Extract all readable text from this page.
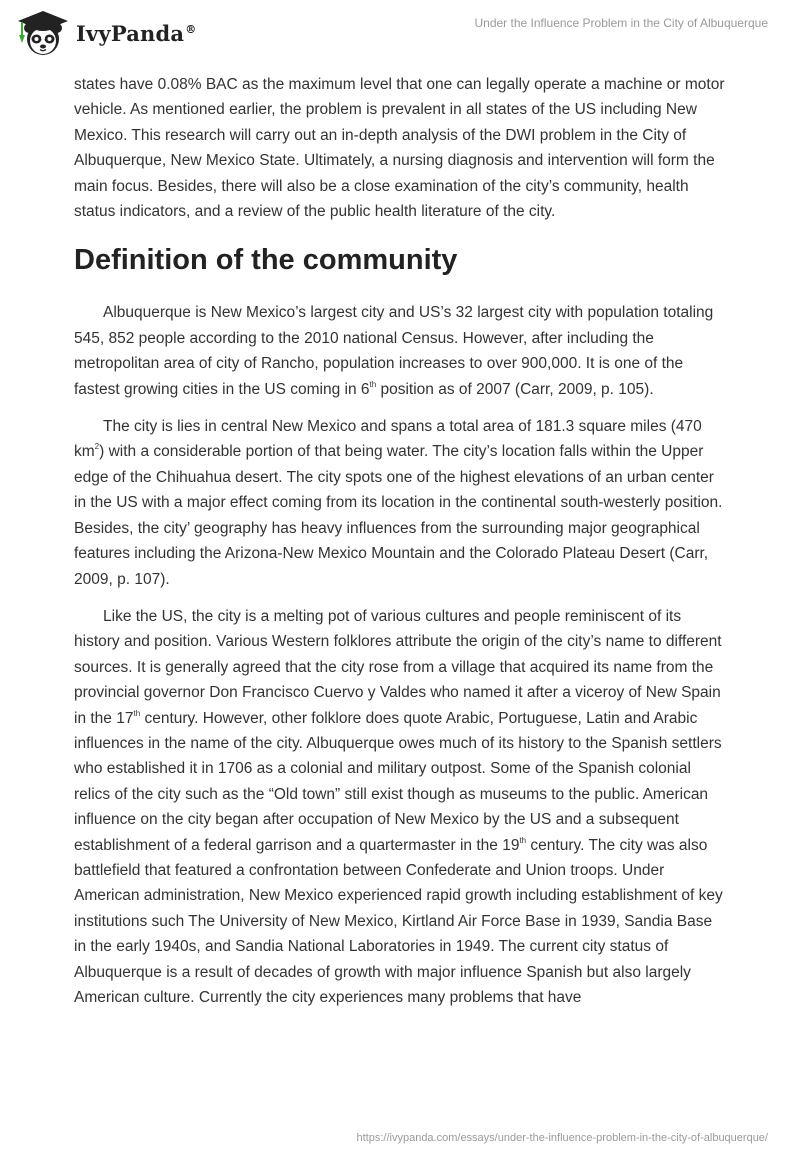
IvyPanda®	Under the Influence Problem in the City of Albuquerque

states have 0.08% BAC as the maximum level that one can legally operate a machine or motor vehicle. As mentioned earlier, the problem is prevalent in all states of the US including New Mexico. This research will carry out an in-depth analysis of the DWI problem in the City of Albuquerque, New Mexico State. Ultimately, a nursing diagnosis and intervention will form the main focus. Besides, there will also be a close examination of the city’s community, health status indicators, and a review of the public health literature of the city.

Definition of the community

Albuquerque is New Mexico’s largest city and US’s 32 largest city with population totaling 545, 852 people according to the 2010 national Census. However, after including the metropolitan area of city of Rancho, population increases to over 900,000. It is one of the fastest growing cities in the US coming in 6th position as of 2007 (Carr, 2009, p. 105).

The city is lies in central New Mexico and spans a total area of 181.3 square miles (470 $km^2$) with a considerable portion of that being water. The city’s location falls within the Upper edge of the Chihuahua desert. The city spots one of the highest elevations of an urban center in the US with a major effect coming from its location in the continental south-westerly position. Besides, the city’ geography has heavy influences from the surrounding major geographical features including the Arizona-New Mexico Mountain and the Colorado Plateau Desert (Carr, 2009, p. 107).

Like the US, the city is a melting pot of various cultures and people reminiscent of its history and position. Various Western folklores attribute the origin of the city’s name to different sources. It is generally agreed that the city rose from a village that acquired its name from the provincial governor Don Francisco Cuervo y Valdes who named it after a viceroy of New Spain in the 17th century. However, other folklore does quote Arabic, Portuguese, Latin and Arabic influences in the name of the city. Albuquerque owes much of its history to the Spanish settlers who established it in 1706 as a colonial and military outpost. Some of the Spanish colonial relics of the city such as the “Old town” still exist though as museums to the public. American influence on the city began after occupation of New Mexico by the US and a subsequent establishment of a federal garrison and a quartermaster in the 19th century. The city was also battlefield that featured a confrontation between Confederate and Union troops. Under American administration, New Mexico experienced rapid growth including establishment of key institutions such The University of New Mexico, Kirtland Air Force Base in 1939, Sandia Base in the early 1940s, and Sandia National Laboratories in 1949. The current city status of Albuquerque is a result of decades of growth with major influence Spanish but also largely American culture. Currently the city experiences many problems that have

https://ivypanda.com/essays/under-the-influence-problem-in-the-city-of-albuquerque/
